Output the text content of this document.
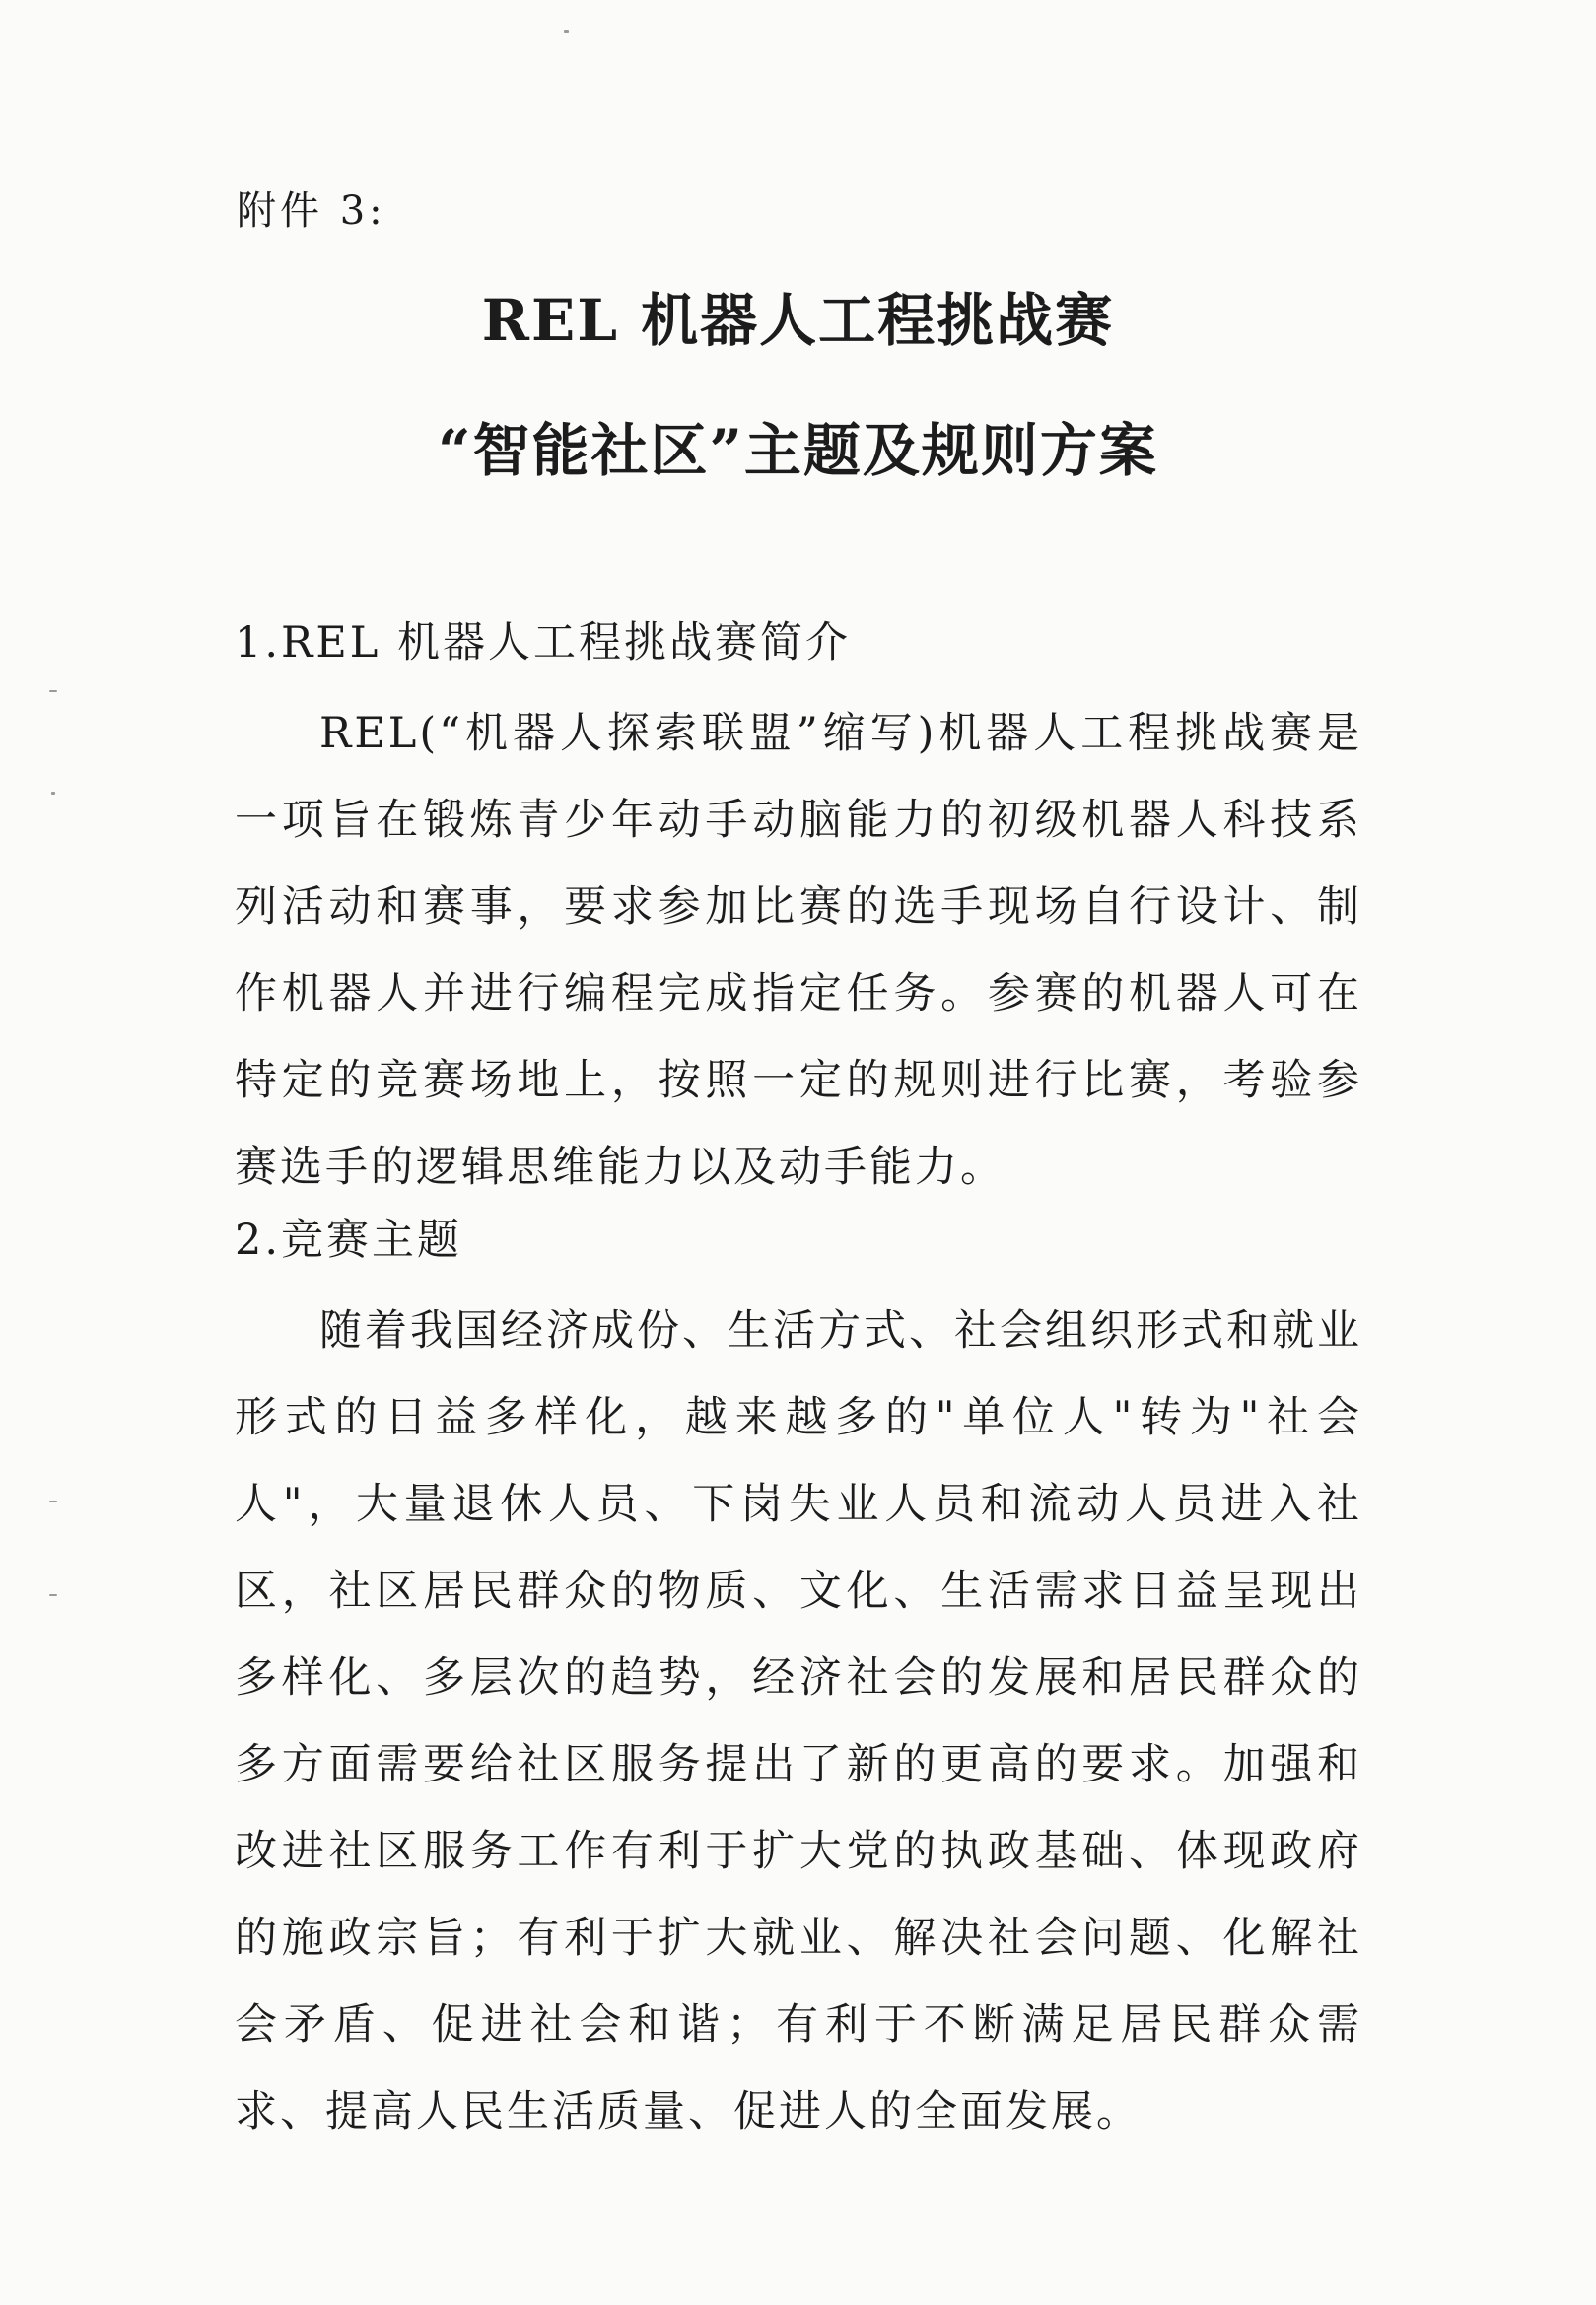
附件 3:
REL 机器人工程挑战赛
“智能社区”主题及规则方案
1.REL 机器人工程挑战赛简介

REL(“机器人探索联盟”缩写)机器人工程挑战赛是一项旨在锻炼青少年动手动脑能力的初级机器人科技系列活动和赛事，要求参加比赛的选手现场自行设计、制作机器人并进行编程完成指定任务。参赛的机器人可在特定的竞赛场地上，按照一定的规则进行比赛，考验参赛选手的逻辑思维能力以及动手能力。

2.竞赛主题

随着我国经济成份、生活方式、社会组织形式和就业形式的日益多样化，越来越多的"单位人"转为"社会人"，大量退休人员、下岗失业人员和流动人员进入社区，社区居民群众的物质、文化、生活需求日益呈现出多样化、多层次的趋势，经济社会的发展和居民群众的多方面需要给社区服务提出了新的更高的要求。加强和改进社区服务工作有利于扩大党的执政基础、体现政府的施政宗旨；有利于扩大就业、解决社会问题、化解社会矛盾、促进社会和谐；有利于不断满足居民群众需求、提高人民生活质量、促进人的全面发展。
